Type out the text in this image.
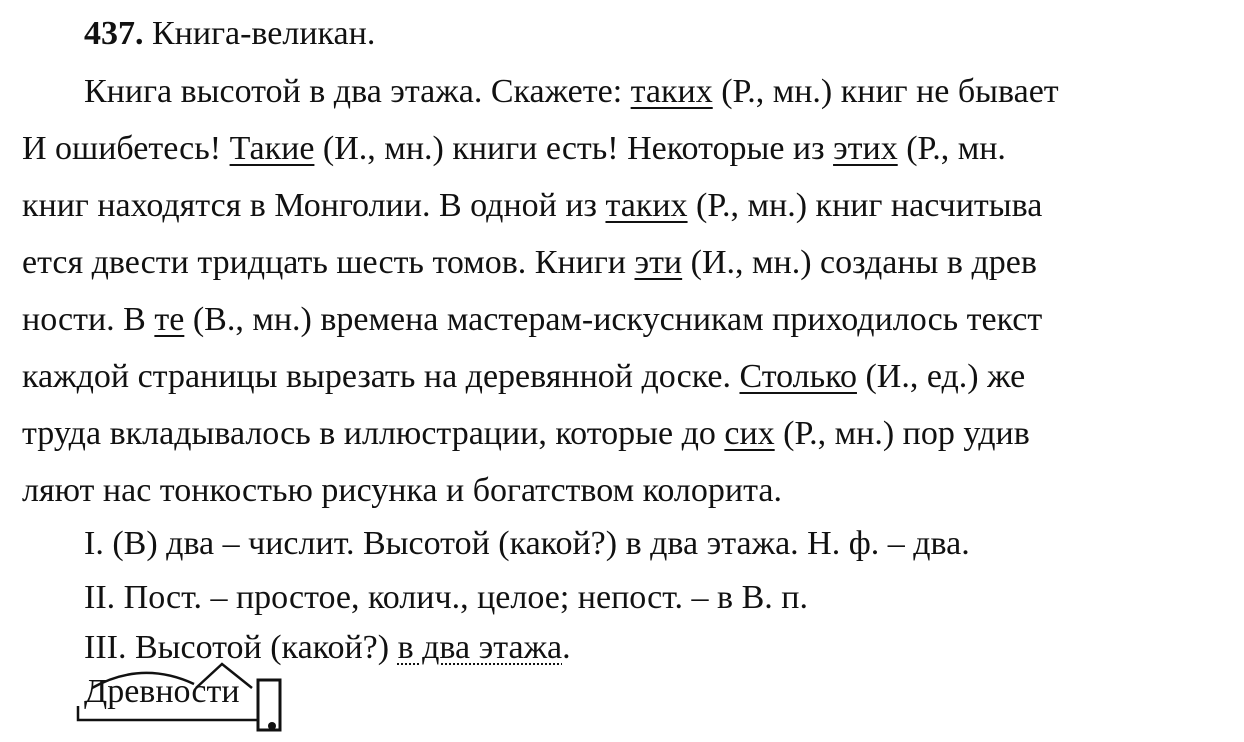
437. Книга-великан.
Книга высотой в два этажа. Скажете: таких (Р., мн.) книг не бывает
И ошибетесь! Такие (И., мн.) книги есть! Некоторые из этих (Р., мн.
книг находятся в Монголии. В одной из таких (Р., мн.) книг насчитыва
ется двести тридцать шесть томов. Книги эти (И., мн.) созданы в древ
ности. В те (В., мн.) времена мастерам-искусникам приходилось текст
каждой страницы вырезать на деревянной доске. Столько (И., ед.) же
труда вкладывалось в иллюстрации, которые до сих (Р., мн.) пор удив
ляют нас тонкостью рисунка и богатством колорита.
I. (В) два – числит. Высотой (какой?) в два этажа. Н. ф. – два.
II. Пост. – простое, колич., целое; непост. – в В. п.
III. Высотой (какой?) в два этажа.
Древности
